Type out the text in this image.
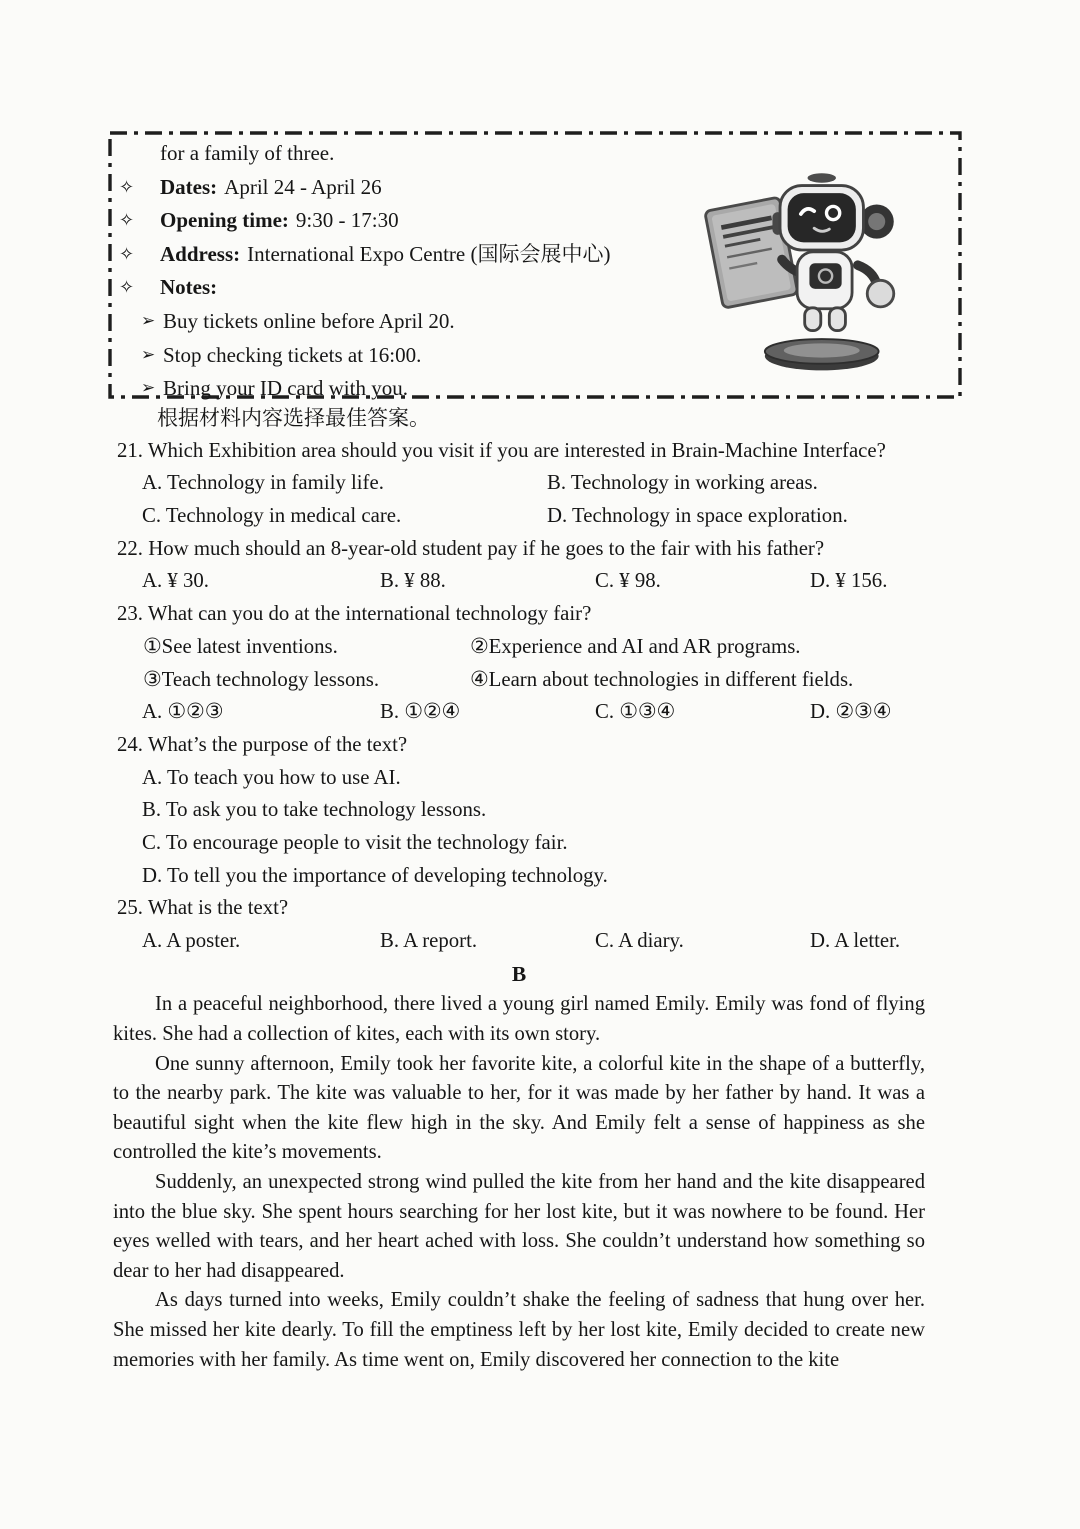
for a family of three.
✧ Dates: April 24 - April 26
✧ Opening time: 9:30 - 17:30
✧ Address: International Expo Centre (国际会展中心)
✧ Notes:
➢ Buy tickets online before April 20.
➢ Stop checking tickets at 16:00.
➢ Bring your ID card with you.
根据材料内容选择最佳答案。
21. Which Exhibition area should you visit if you are interested in Brain-Machine Interface?
A. Technology in family life.	B. Technology in working areas.
C. Technology in medical care.	D. Technology in space exploration.
22. How much should an 8-year-old student pay if he goes to the fair with his father?
A. ¥ 30.	B. ¥ 88.	C. ¥ 98.	D. ¥ 156.
23. What can you do at the international technology fair?
①See latest inventions.	②Experience and AI and AR programs.
③Teach technology lessons.	④Learn about technologies in different fields.
A. ①②③	B. ①②④	C. ①③④	D. ②③④
24. What’s the purpose of the text?
A. To teach you how to use AI.
B. To ask you to take technology lessons.
C. To encourage people to visit the technology fair.
D. To tell you the importance of developing technology.
25. What is the text?
A. A poster.	B. A report.	C. A diary.	D. A letter.
B

In a peaceful neighborhood, there lived a young girl named Emily. Emily was fond of flying kites. She had a collection of kites, each with its own story.

One sunny afternoon, Emily took her favorite kite, a colorful kite in the shape of a butterfly, to the nearby park. The kite was valuable to her, for it was made by her father by hand. It was a beautiful sight when the kite flew high in the sky. And Emily felt a sense of happiness as she controlled the kite’s movements.

Suddenly, an unexpected strong wind pulled the kite from her hand and the kite disappeared into the blue sky. She spent hours searching for her lost kite, but it was nowhere to be found. Her eyes welled with tears, and her heart ached with loss. She couldn’t understand how something so dear to her had disappeared.

As days turned into weeks, Emily couldn’t shake the feeling of sadness that hung over her. She missed her kite dearly. To fill the emptiness left by her lost kite, Emily decided to create new memories with her family. As time went on, Emily discovered her connection to the kite
